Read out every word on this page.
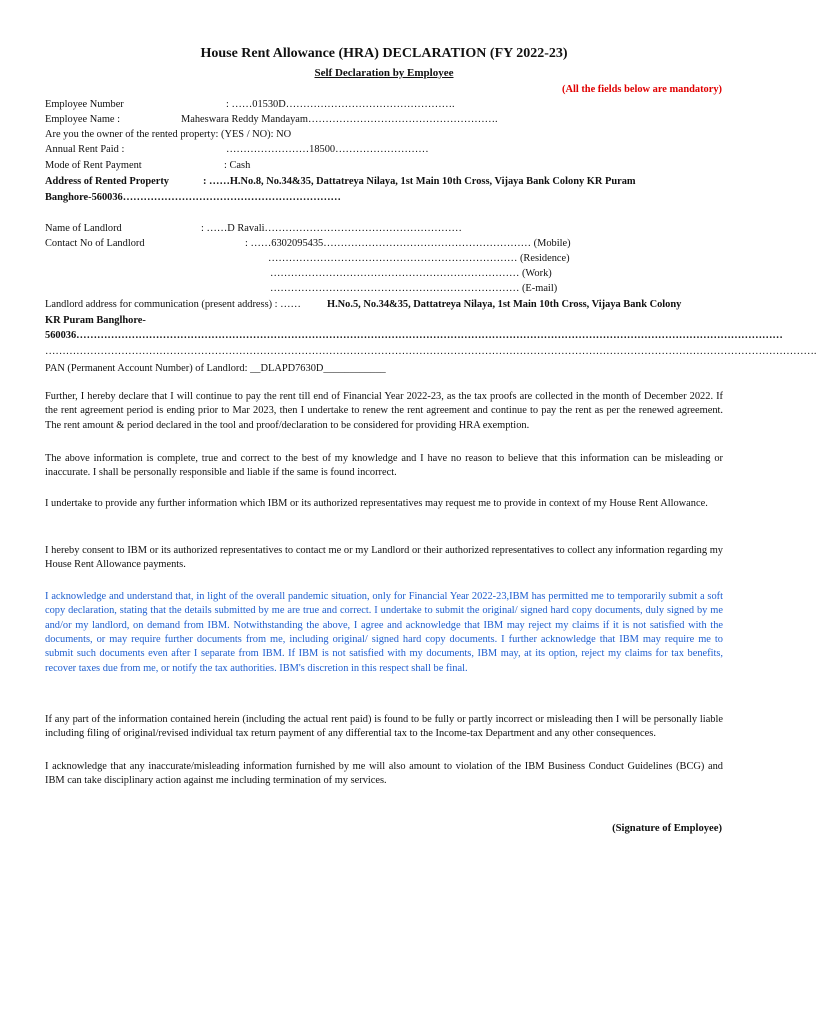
House Rent Allowance (HRA) DECLARATION (FY 2022-23)
Self Declaration by Employee
(All the fields below are mandatory)
Employee Number	: ……01530D………………………………………….
Employee Name :	Maheswara Reddy Mandayam……………………………………………….
Are you the owner of the rented property: (YES / NO): NO
Annual Rent Paid :	……………………18500………………………
Mode of Rent Payment	: Cash
Address of Rented Property	: ……H.No.8, No.34&35, Dattatreya Nilaya, 1st Main 10th Cross, Vijaya Bank Colony KR Puram
Banghore-560036………………………………………………………
Name of Landlord	: ……D Ravali…………………………………………………
Contact No of Landlord	: ……6302095435…………………………………………………… (Mobile)
……………………………………………………………… (Residence)
……………………………………………………………… (Work)
……………………………………………………………… (E-mail)
Landlord address for communication (present address) : ……	H.No.5, No.34&35, Dattatreya Nilaya, 1st Main 10th Cross, Vijaya Bank Colony
KR Puram Banglhore-
560036……………………………………………………………………………………………………………………………………………………………………………………
…………………………………………………………………………………………………………………………………………………………………………………………………….
PAN (Permanent Account Number) of Landlord: __DLAPD7630D____________
Further, I hereby declare that I will continue to pay the rent till end of Financial Year 2022-23, as the tax proofs are collected in the month of December 2022. If the rent agreement period is ending prior to Mar 2023, then I undertake to renew the rent agreement and continue to pay the rent as per the renewed agreement. The rent amount & period declared in the tool and proof/declaration to be considered for providing HRA exemption.
The above information is complete, true and correct to the best of my knowledge and I have no reason to believe that this information can be misleading or inaccurate. I shall be personally responsible and liable if the same is found incorrect.
I undertake to provide any further information which IBM or its authorized representatives may request me to provide in context of my House Rent Allowance.
I hereby consent to IBM or its authorized representatives to contact me or my Landlord or their authorized representatives to collect any information regarding my House Rent Allowance payments.
I acknowledge and understand that, in light of the overall pandemic situation, only for Financial Year 2022-23,IBM has permitted me to temporarily submit a soft copy declaration, stating that the details submitted by me are true and correct. I undertake to submit the original/ signed hard copy documents, duly signed by me and/or my landlord, on demand from IBM. Notwithstanding the above, I agree and acknowledge that IBM may reject my claims if it is not satisfied with the documents, or may require further documents from me, including original/ signed hard copy documents. I further acknowledge that IBM may require me to submit such documents even after I separate from IBM. If IBM is not satisfied with my documents, IBM may, at its option, reject my claims for tax benefits, recover taxes due from me, or notify the tax authorities. IBM's discretion in this respect shall be final.
If any part of the information contained herein (including the actual rent paid) is found to be fully or partly incorrect or misleading then I will be personally liable including filing of original/revised individual tax return payment of any differential tax to the Income-tax Department and any other consequences.
I acknowledge that any inaccurate/misleading information furnished by me will also amount to violation of the IBM Business Conduct Guidelines (BCG) and IBM can take disciplinary action against me including termination of my services.
(Signature of Employee)
